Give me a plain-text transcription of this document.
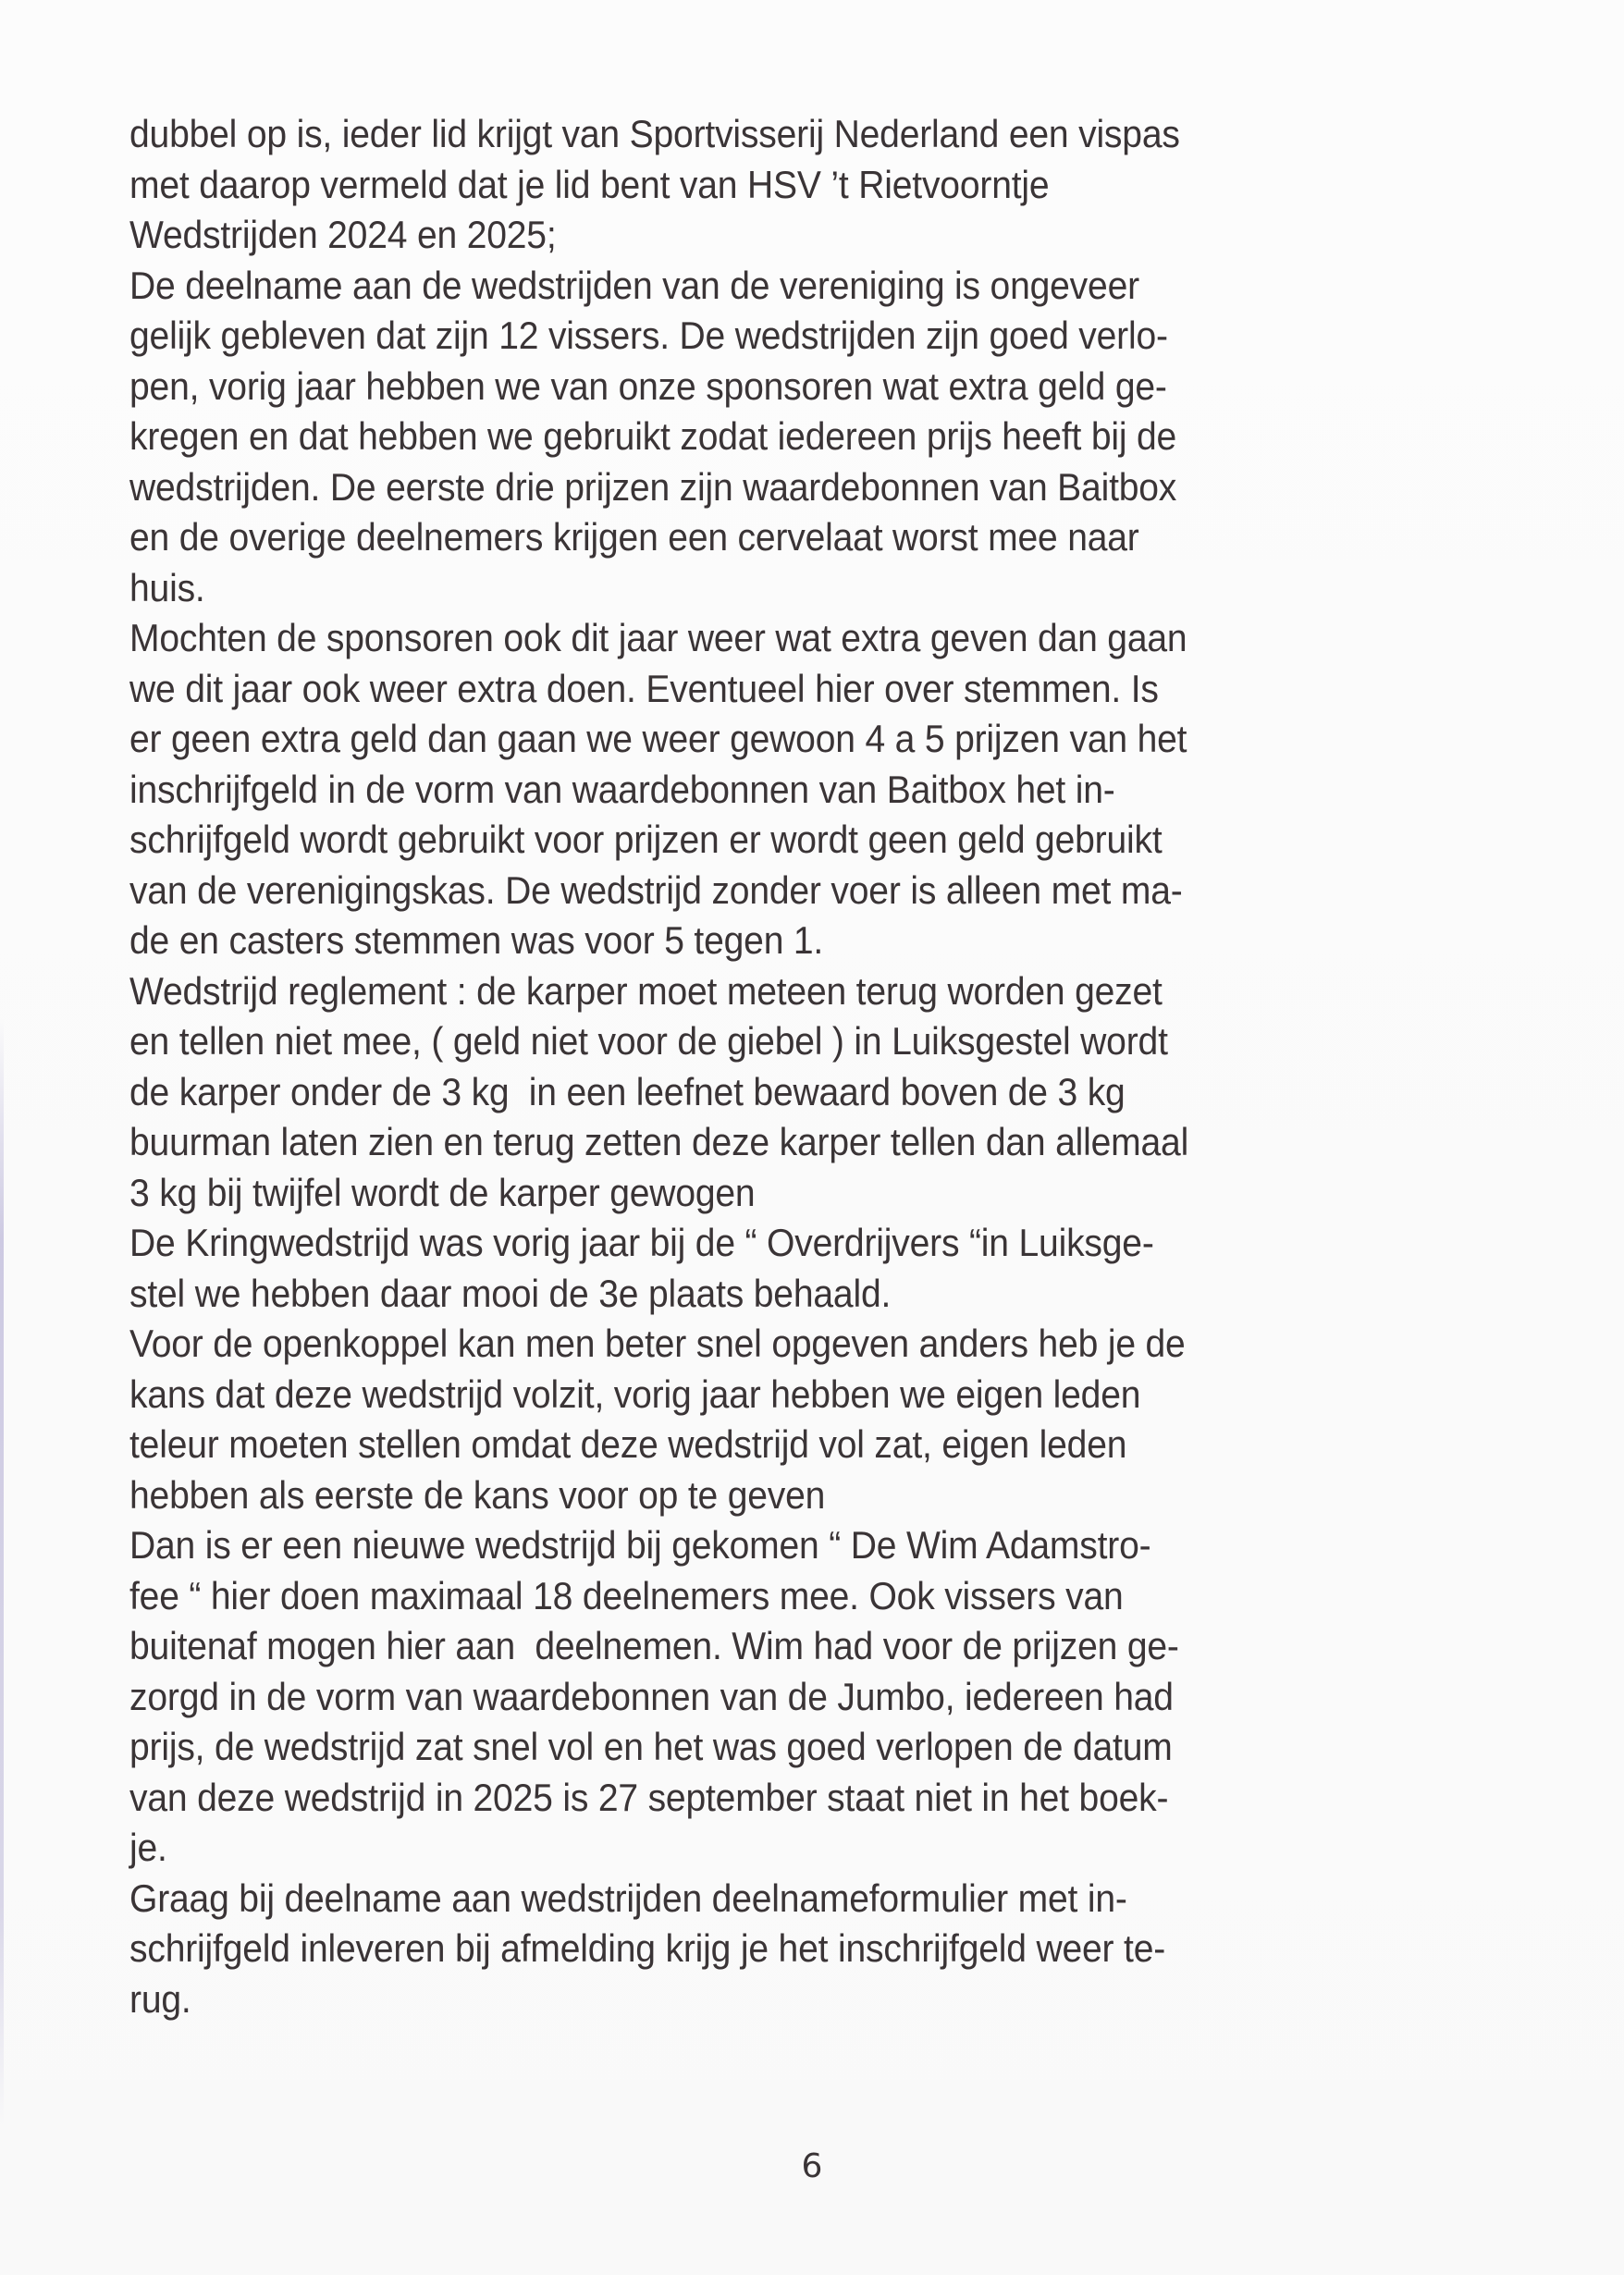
dubbel op is, ieder lid krijgt van Sportvisserij Nederland een vispas
met daarop vermeld dat je lid bent van HSV ’t Rietvoorntje
Wedstrijden 2024 en 2025;
De deelname aan de wedstrijden van de vereniging is ongeveer
gelijk gebleven dat zijn 12 vissers. De wedstrijden zijn goed verlo-
pen, vorig jaar hebben we van onze sponsoren wat extra geld ge-
kregen en dat hebben we gebruikt zodat iedereen prijs heeft bij de
wedstrijden. De eerste drie prijzen zijn waardebonnen van Baitbox
en de overige deelnemers krijgen een cervelaat worst mee naar
huis.
Mochten de sponsoren ook dit jaar weer wat extra geven dan gaan
we dit jaar ook weer extra doen. Eventueel hier over stemmen. Is
er geen extra geld dan gaan we weer gewoon 4 a 5 prijzen van het
inschrijfgeld in de vorm van waardebonnen van Baitbox het in-
schrijfgeld wordt gebruikt voor prijzen er wordt geen geld gebruikt
van de verenigingskas. De wedstrijd zonder voer is alleen met ma-
de en casters stemmen was voor 5 tegen 1.
Wedstrijd reglement : de karper moet meteen terug worden gezet
en tellen niet mee, ( geld niet voor de giebel ) in Luiksgestel wordt
de karper onder de 3 kg  in een leefnet bewaard boven de 3 kg
buurman laten zien en terug zetten deze karper tellen dan allemaal
3 kg bij twijfel wordt de karper gewogen
De Kringwedstrijd was vorig jaar bij de “ Overdrijvers “in Luiksge-
stel we hebben daar mooi de 3e plaats behaald.
Voor de openkoppel kan men beter snel opgeven anders heb je de
kans dat deze wedstrijd volzit, vorig jaar hebben we eigen leden
teleur moeten stellen omdat deze wedstrijd vol zat, eigen leden
hebben als eerste de kans voor op te geven
Dan is er een nieuwe wedstrijd bij gekomen “ De Wim Adamstro-
fee “ hier doen maximaal 18 deelnemers mee. Ook vissers van
buitenaf mogen hier aan  deelnemen. Wim had voor de prijzen ge-
zorgd in de vorm van waardebonnen van de Jumbo, iedereen had
prijs, de wedstrijd zat snel vol en het was goed verlopen de datum
van deze wedstrijd in 2025 is 27 september staat niet in het boek-
je.
Graag bij deelname aan wedstrijden deelnameformulier met in-
schrijfgeld inleveren bij afmelding krijg je het inschrijfgeld weer te-
rug.
6
